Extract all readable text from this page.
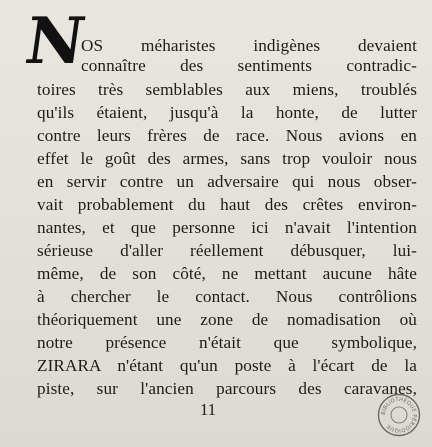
N
OS méharistes indigènes devaient
connaître des sentiments contradic-
toires très semblables aux miens, troublés
qu'ils étaient, jusqu'à la honte, de lutter
contre leurs frères de race. Nous avions en
effet le goût des armes, sans trop vouloir nous
en servir contre un adversaire qui nous obser-
vait probablement du haut des crêtes environ-
nantes, et que personne ici n'avait l'intention
sérieuse d'aller réellement débusquer, lui-
même, de son côté, ne mettant aucune hâte
à chercher le contact. Nous contrôlions
théoriquement une zone de nomadisation où
notre présence n'était que symbolique,
ZIRARA n'étant qu'un poste à l'écart de la
piste, sur l'ancien parcours des caravanes,
11	BIBLIOTHÈQUE PÉRIODIQUE
